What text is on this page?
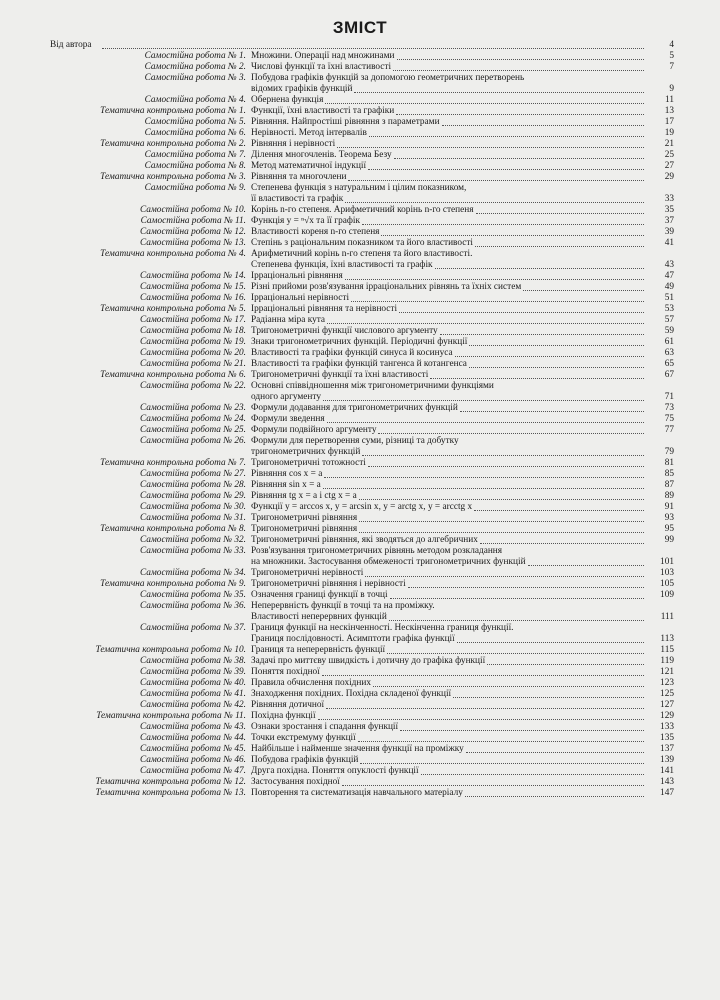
ЗМІСТ
Від автора	4
Самостійна робота № 1. Множини. Операції над множинами	5
Самостійна робота № 2. Числові функції та їхні властивості	7
Самостійна робота № 3. Побудова графіків функцій за допомогою геометричних перетворень
відомих графіків функцій	9
Самостійна робота № 4. Обернена функція	11
Тематична контрольна робота № 1. Функції, їхні властивості та графіки	13
Самостійна робота № 5. Рівняння. Найпростіші рівняння з параметрами	17
Самостійна робота № 6. Нерівності. Метод інтервалів	19
Тематична контрольна робота № 2. Рівняння і нерівності	21
Самостійна робота № 7. Ділення многочленів. Теорема Безу	25
Самостійна робота № 8. Метод математичної індукції	27
Тематична контрольна робота № 3. Рівняння та многочлени	29
Самостійна робота № 9. Степенева функція з натуральним і цілим показником,
її властивості та графік	33
Самостійна робота № 10. Корінь n-го степеня. Арифметичний корінь n-го степеня	35
Самостійна робота № 11. Функція y = ⁿ√x та її графік	37
Самостійна робота № 12. Властивості кореня n-го степеня	39
Самостійна робота № 13. Степінь з раціональним показником та його властивості	41
Тематична контрольна робота № 4. Арифметичний корінь n-го степеня та його властивості.
Степенева функція, їхні властивості та графік	43
Самостійна робота № 14. Ірраціональні рівняння	47
Самостійна робота № 15. Різні прийоми розв'язування ірраціональних рівнянь та їхніх систем	49
Самостійна робота № 16. Ірраціональні нерівності	51
Тематична контрольна робота № 5. Ірраціональні рівняння та нерівності	53
Самостійна робота № 17. Радіанна міра кута	57
Самостійна робота № 18. Тригонометричні функції числового аргументу	59
Самостійна робота № 19. Знаки тригонометричних функцій. Періодичні функції	61
Самостійна робота № 20. Властивості та графіки функцій синуса й косинуса	63
Самостійна робота № 21. Властивості та графіки функцій тангенса й котангенса	65
Тематична контрольна робота № 6. Тригонометричні функції та їхні властивості	67
Самостійна робота № 22. Основні співвідношення між тригонометричними функціями
одного аргументу	71
Самостійна робота № 23. Формули додавання для тригонометричних функцій	73
Самостійна робота № 24. Формули зведення	75
Самостійна робота № 25. Формули подвійного аргументу	77
Самостійна робота № 26. Формули для перетворення суми, різниці та добутку
тригонометричних функцій	79
Тематична контрольна робота № 7. Тригонометричні тотожності	81
Самостійна робота № 27. Рівняння cos x = a	85
Самостійна робота № 28. Рівняння sin x = a	87
Самостійна робота № 29. Рівняння tg x = a і ctg x = a	89
Самостійна робота № 30. Функції y = arccos x, y = arcsin x, y = arctg x, y = arcctg x	91
Самостійна робота № 31. Тригонометричні рівняння	93
Тематична контрольна робота № 8. Тригонометричні рівняння	95
Самостійна робота № 32. Тригонометричні рівняння, які зводяться до алгебричних	99
Самостійна робота № 33. Розв'язування тригонометричних рівнянь методом розкладання
на множники. Застосування обмеженості тригонометричних функцій	101
Самостійна робота № 34. Тригонометричні нерівності	103
Тематична контрольна робота № 9. Тригонометричні рівняння і нерівності	105
Самостійна робота № 35. Означення границі функції в точці	109
Самостійна робота № 36. Неперервність функції в точці та на проміжку.
Властивості неперервних функцій	111
Самостійна робота № 37. Границя функції на нескінченності. Нескінченна границя функції.
Границя послідовності. Асимптоти графіка функції	113
Тематична контрольна робота № 10. Границя та неперервність функції	115
Самостійна робота № 38. Задачі про миттєву швидкість і дотичну до графіка функції	119
Самостійна робота № 39. Поняття похідної	121
Самостійна робота № 40. Правила обчислення похідних	123
Самостійна робота № 41. Знаходження похідних. Похідна складеної функції	125
Самостійна робота № 42. Рівняння дотичної	127
Тематична контрольна робота № 11. Похідна функції	129
Самостійна робота № 43. Ознаки зростання і спадання функції	133
Самостійна робота № 44. Точки екстремуму функції	135
Самостійна робота № 45. Найбільше і найменше значення функції на проміжку	137
Самостійна робота № 46. Побудова графіків функцій	139
Самостійна робота № 47. Друга похідна. Поняття опуклості функції	141
Тематична контрольна робота № 12. Застосування похідної	143
Тематична контрольна робота № 13. Повторення та систематизація навчального матеріалу	147
